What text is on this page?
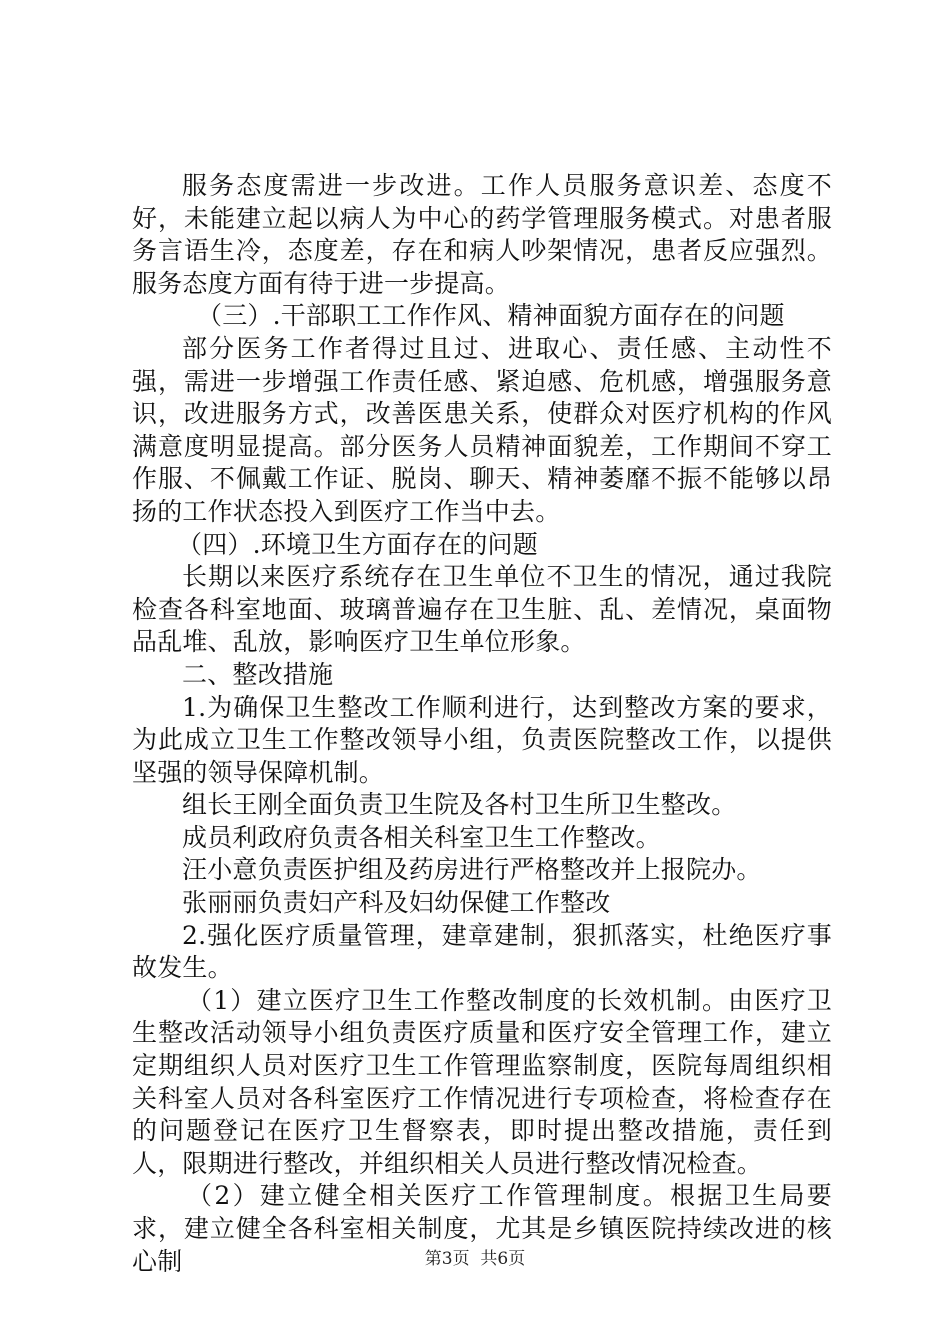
服务态度需进一步改进。工作人员服务意识差、态度不好，未能建立起以病人为中心的药学管理服务模式。对患者服务言语生冷，态度差，存在和病人吵架情况，患者反应强烈。服务态度方面有待于进一步提高。

（三）.干部职工工作作风、精神面貌方面存在的问题

部分医务工作者得过且过、进取心、责任感、主动性不强，需进一步增强工作责任感、紧迫感、危机感，增强服务意识，改进服务方式，改善医患关系，使群众对医疗机构的作风满意度明显提高。部分医务人员精神面貌差，工作期间不穿工作服、不佩戴工作证、脱岗、聊天、精神萎靡不振不能够以昂扬的工作状态投入到医疗工作当中去。

（四）.环境卫生方面存在的问题

长期以来医疗系统存在卫生单位不卫生的情况，通过我院检查各科室地面、玻璃普遍存在卫生脏、乱、差情况，桌面物品乱堆、乱放，影响医疗卫生单位形象。

二、整改措施

1.为确保卫生整改工作顺利进行，达到整改方案的要求，为此成立卫生工作整改领导小组，负责医院整改工作，以提供坚强的领导保障机制。

组长王刚全面负责卫生院及各村卫生所卫生整改。

成员利政府负责各相关科室卫生工作整改。

汪小意负责医护组及药房进行严格整改并上报院办。

张丽丽负责妇产科及妇幼保健工作整改

2.强化医疗质量管理，建章建制，狠抓落实，杜绝医疗事故发生。

（1）建立医疗卫生工作整改制度的长效机制。由医疗卫生整改活动领导小组负责医疗质量和医疗安全管理工作，建立定期组织人员对医疗卫生工作管理监察制度，医院每周组织相关科室人员对各科室医疗工作情况进行专项检查，将检查存在的问题登记在医疗卫生督察表，即时提出整改措施，责任到人，限期进行整改，并组织相关人员进行整改情况检查。

（2）建立健全相关医疗工作管理制度。根据卫生局要求，建立健全各科室相关制度，尤其是乡镇医院持续改进的核心制	第3页 共6页
